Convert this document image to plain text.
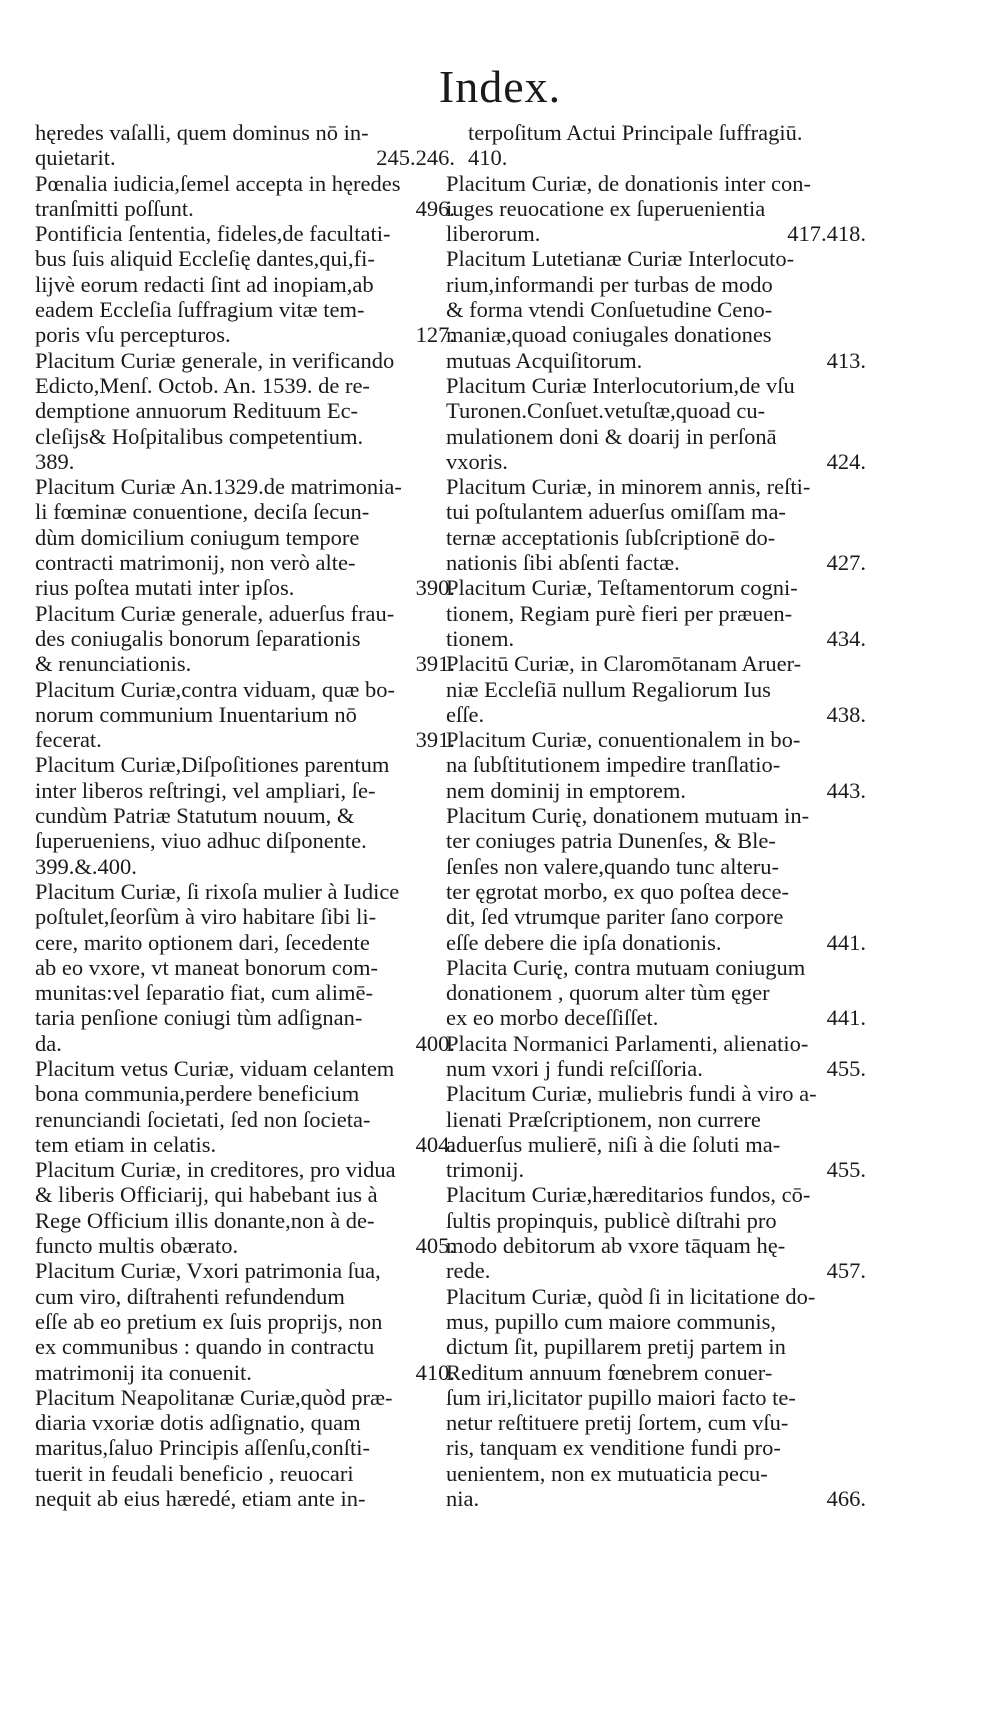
Index.
hęredes vaſalli, quem dominus nō in-
quietarit.	245.246.
Pœnalia iudicia,ſemel accepta in hęredes
tranſmitti poſſunt.	496.
Pontificia ſententia, fideles,de facultati-
bus ſuis aliquid Eccleſię dantes,qui,fi-
lijvè eorum redacti ſint ad inopiam,ab
eadem Eccleſia ſuffragium vitæ tem-
poris vſu percepturos.	127.
Placitum Curiæ generale, in verificando
Edicto,Menſ. Octob. An. 1539. de re-
demptione annuorum Redituum Ec-
cleſijs& Hoſpitalibus competentium.
389.
Placitum Curiæ An.1329.de matrimonia-
li fœminæ conuentione, deciſa ſecun-
dùm domicilium coniugum tempore
contracti matrimonij, non verò alte-
rius poſtea mutati inter ipſos.	390.
Placitum Curiæ generale, aduerſus frau-
des coniugalis bonorum ſeparationis
& renunciationis.	391.
Placitum Curiæ,contra viduam, quæ bo-
norum communium Inuentarium nō
fecerat.	391.
Placitum Curiæ,Diſpoſitiones parentum
inter liberos reſtringi, vel ampliari, ſe-
cundùm Patriæ Statutum nouum, &
ſuperueniens, viuo adhuc diſponente.
399.&.400.
Placitum Curiæ, ſi rixoſa mulier à Iudice
poſtulet,ſeorſùm à viro habitare ſibi li-
cere, marito optionem dari, ſecedente
ab eo vxore, vt maneat bonorum com-
munitas:vel ſeparatio fiat, cum alimē-
taria penſione coniugi tùm adſignan-
da.	400.
Placitum vetus Curiæ, viduam celantem
bona communia,perdere beneficium
renunciandi ſocietati, ſed non ſocieta-
tem etiam in celatis.	404.
Placitum Curiæ, in creditores, pro vidua
& liberis Officiarij, qui habebant ius à
Rege Officium illis donante,non à de-
functo multis obærato.	405.
Placitum Curiæ, Vxori patrimonia ſua,
cum viro, diſtrahenti refundendum
eſſe ab eo pretium ex ſuis proprijs, non
ex communibus : quando in contractu
matrimonij ita conuenit.	410.
Placitum Neapolitanæ Curiæ,quòd præ-
diaria vxoriæ dotis adſignatio, quam
maritus,ſaluo Principis aſſenſu,conſti-
tuerit in feudali beneficio , reuocari
nequit ab eius hæredé, etiam ante in-
terpoſitum Actui Principale ſuffragiū.
410.
Placitum Curiæ, de donationis inter con-
iuges reuocatione ex ſuperuenientia
liberorum.	417.418.
Placitum Lutetianæ Curiæ Interlocuto-
rium,informandi per turbas de modo
& forma vtendi Conſuetudine Ceno-
maniæ,quoad coniugales donationes
mutuas Acquiſitorum.	413.
Placitum Curiæ Interlocutorium,de vſu
Turonen.Conſuet.vetuſtæ,quoad cu-
mulationem doni & doarij in perſonā
vxoris.	424.
Placitum Curiæ, in minorem annis, reſti-
tui poſtulantem aduerſus omiſſam ma-
ternæ acceptationis ſubſcriptionē do-
nationis ſibi abſenti factæ.	427.
Placitum Curiæ, Teſtamentorum cogni-
tionem, Regiam purè fieri per præuen-
tionem.	434.
Placitū Curiæ, in Claromōtanam Aruer-
niæ Eccleſiā nullum Regaliorum Ius
eſſe.	438.
Placitum Curiæ, conuentionalem in bo-
na ſubſtitutionem impedire tranſlatio-
nem dominij in emptorem.	443.
Placitum Curię, donationem mutuam in-
ter coniuges patria Dunenſes, & Ble-
ſenſes non valere,quando tunc alteru-
ter ęgrotat morbo, ex quo poſtea dece-
dit, ſed vtrumque pariter ſano corpore
eſſe debere die ipſa donationis.	441.
Placita Curię, contra mutuam coniugum
donationem , quorum alter tùm ęger
ex eo morbo deceſſiſſet.	441.
Placita Normanici Parlamenti, alienatio-
num vxori j fundi reſciſſoria.	455.
Placitum Curiæ, muliebris fundi à viro a-
lienati Præſcriptionem, non currere
aduerſus mulierē, niſi à die ſoluti ma-
trimonij.	455.
Placitum Curiæ,hæreditarios fundos, cō-
ſultis propinquis, publicè diſtrahi pro
modo debitorum ab vxore tāquam hę-
rede.	457.
Placitum Curiæ, quòd ſi in licitatione do-
mus, pupillo cum maiore communis,
dictum ſit, pupillarem pretij partem in
Reditum annuum fœnebrem conuer-
ſum iri,licitator pupillo maiori facto te-
netur reſtituere pretij ſortem, cum vſu-
ris, tanquam ex venditione fundi pro-
uenientem, non ex mutuaticia pecu-
nia.	466.
